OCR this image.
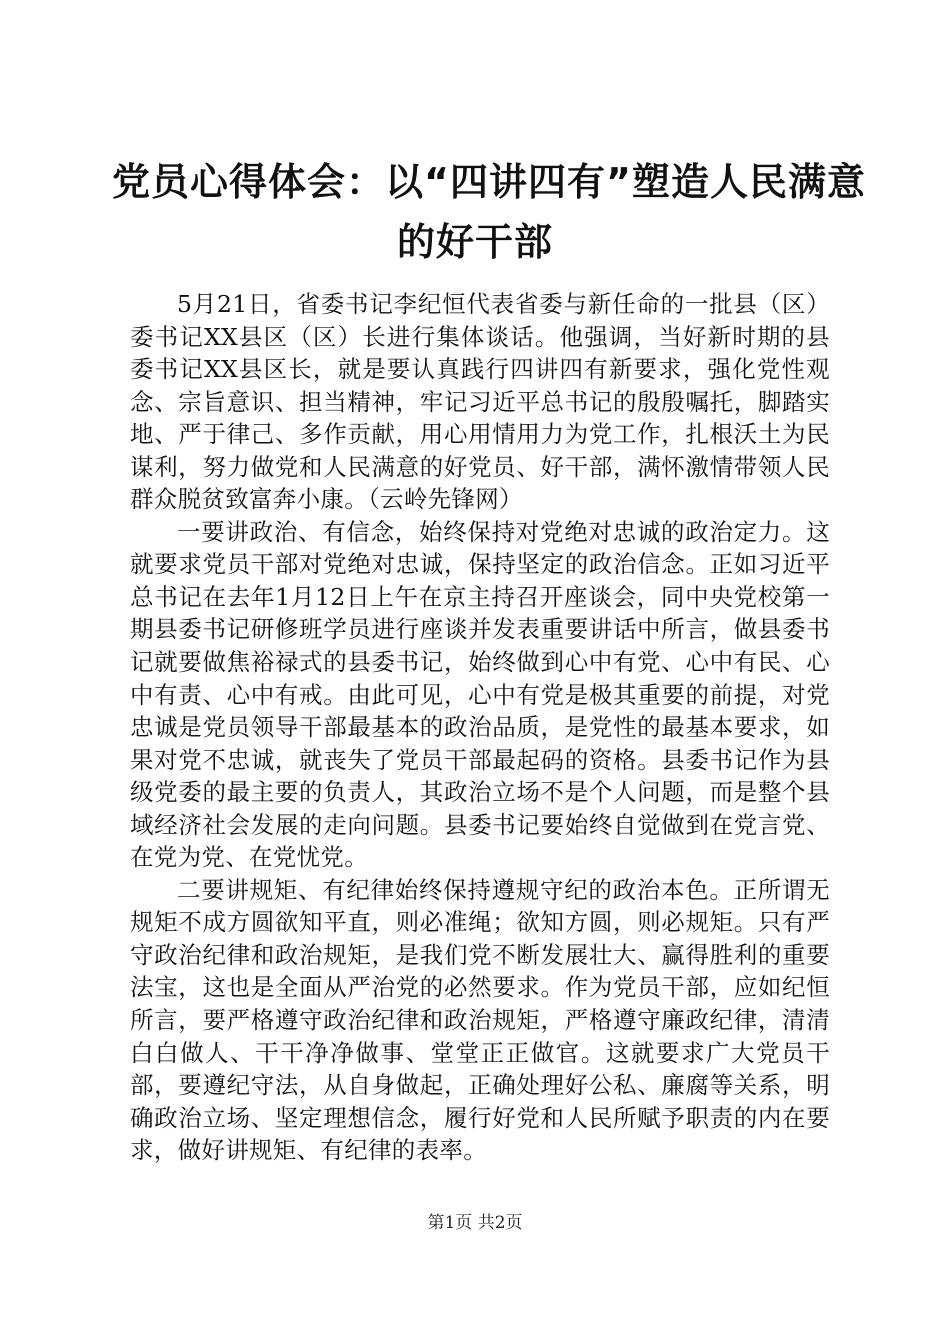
党员心得体会：以“四讲四有”塑造人民满意
的好干部

5月21日，省委书记李纪恒代表省委与新任命的一批县（区）委书记XX县区（区）长进行集体谈话。他强调，当好新时期的县委书记XX县区长，就是要认真践行四讲四有新要求，强化党性观念、宗旨意识、担当精神，牢记习近平总书记的殷殷嘱托，脚踏实地、严于律己、多作贡献，用心用情用力为党工作，扎根沃土为民谋利，努力做党和人民满意的好党员、好干部，满怀激情带领人民群众脱贫致富奔小康。（云岭先锋网）

一要讲政治、有信念，始终保持对党绝对忠诚的政治定力。这就要求党员干部对党绝对忠诚，保持坚定的政治信念。正如习近平总书记在去年1月12日上午在京主持召开座谈会，同中央党校第一期县委书记研修班学员进行座谈并发表重要讲话中所言，做县委书记就要做焦裕禄式的县委书记，始终做到心中有党、心中有民、心中有责、心中有戒。由此可见，心中有党是极其重要的前提，对党忠诚是党员领导干部最基本的政治品质，是党性的最基本要求，如果对党不忠诚，就丧失了党员干部最起码的资格。县委书记作为县级党委的最主要的负责人，其政治立场不是个人问题，而是整个县域经济社会发展的走向问题。县委书记要始终自觉做到在党言党、在党为党、在党忧党。

二要讲规矩、有纪律始终保持遵规守纪的政治本色。正所谓无规矩不成方圆欲知平直，则必准绳；欲知方圆，则必规矩。只有严守政治纪律和政治规矩，是我们党不断发展壮大、赢得胜利的重要法宝，这也是全面从严治党的必然要求。作为党员干部，应如纪恒所言，要严格遵守政治纪律和政治规矩，严格遵守廉政纪律，清清白白做人、干干净净做事、堂堂正正做官。这就要求广大党员干部，要遵纪守法，从自身做起，正确处理好公私、廉腐等关系，明确政治立场、坚定理想信念，履行好党和人民所赋予职责的内在要求，做好讲规矩、有纪律的表率。

第1页 共2页
